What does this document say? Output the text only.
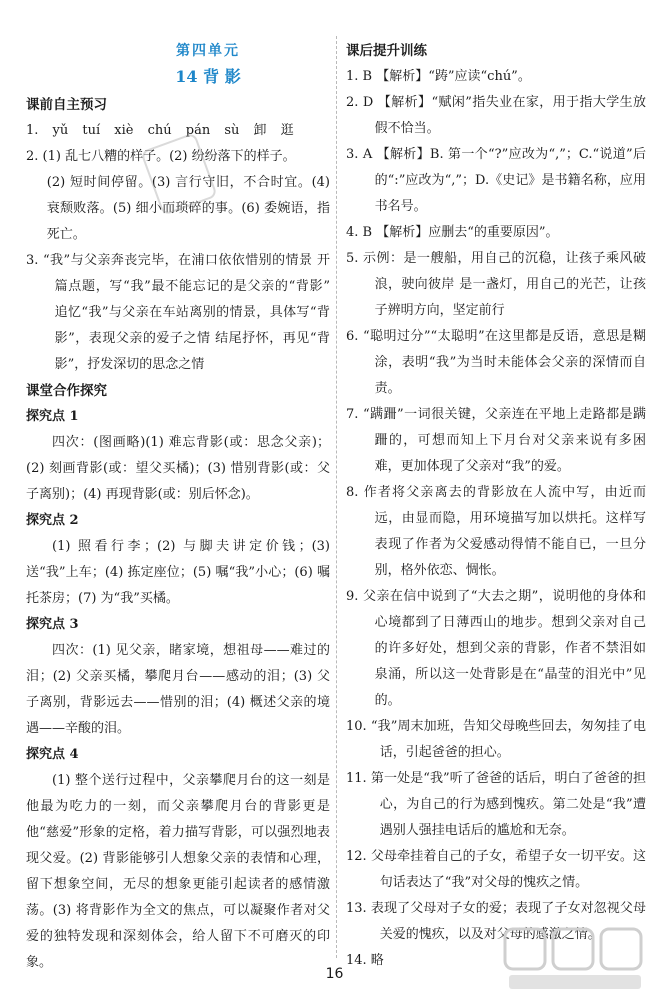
第四单元

14 背 影

课前自主预习

1. yǔ tuí xiè chú pán sù 卸 逛

2. (1) 乱七八糟的样子。(2) 纷纷落下的样子。

(2) 短时间停留。(3) 言行守旧，不合时宜。(4) 衰颓败落。(5) 细小而琐碎的事。(6) 委婉语，指死亡。

3. “我”与父亲奔丧完毕，在浦口依依惜别的情景 开篇点题，写“我”最不能忘记的是父亲的“背影” 追忆“我”与父亲在车站离别的情景，具体写“背影”，表现父亲的爱子之情 结尾抒怀，再见“背影”，抒发深切的思念之情

课堂合作探究

探究点 1

四次：(图画略)(1) 难忘背影(或：思念父亲)；(2) 刻画背影(或：望父买橘)；(3) 惜别背影(或：父子离别)；(4) 再现背影(或：别后怀念)。

探究点 2

(1) 照看行李；(2) 与脚夫讲定价钱；(3) 送“我”上车；(4) 拣定座位；(5) 嘱“我”小心；(6) 嘱托茶房；(7) 为“我”买橘。

探究点 3

四次：(1) 见父亲，睹家境，想祖母——难过的泪；(2) 父亲买橘，攀爬月台——感动的泪；(3) 父子离别，背影远去——惜别的泪；(4) 概述父亲的境遇——辛酸的泪。

探究点 4

(1) 整个送行过程中，父亲攀爬月台的这一刻是他最为吃力的一刻，而父亲攀爬月台的背影更是他“慈爱”形象的定格，着力描写背影，可以强烈地表现父爱。(2) 背影能够引人想象父亲的表情和心理，留下想象空间，无尽的想象更能引起读者的感情激荡。(3) 将背影作为全文的焦点，可以凝聚作者对父爱的独特发现和深刻体会，给人留下不可磨灭的印象。

课后提升训练

1. B 【解析】“踌”应读“chú”。

2. D 【解析】“赋闲”指失业在家，用于指大学生放假不恰当。

3. A 【解析】B. 第一个“?”应改为“,”；C.“说道”后的“:”应改为“,”；D.《史记》是书籍名称，应用书名号。

4. B 【解析】应删去“的重要原因”。

5. 示例：是一艘船，用自己的沉稳，让孩子乘风破浪，驶向彼岸 是一盏灯，用自己的光芒，让孩子辨明方向，坚定前行

6. “聪明过分”“太聪明”在这里都是反语，意思是糊涂，表明“我”为当时未能体会父亲的深情而自责。

7. “蹒跚”一词很关键，父亲连在平地上走路都是蹒跚的，可想而知上下月台对父亲来说有多困难，更加体现了父亲对“我”的爱。

8. 作者将父亲离去的背影放在人流中写，由近而远，由显而隐，用环境描写加以烘托。这样写表现了作者为父爱感动得情不能自已，一旦分别，格外依恋、惆怅。

9. 父亲在信中说到了“大去之期”，说明他的身体和心境都到了日薄西山的地步。想到父亲对自己的许多好处，想到父亲的背影，作者不禁泪如泉涌，所以这一处背影是在“晶莹的泪光中”见的。

10. “我”周末加班，告知父母晚些回去，匆匆挂了电话，引起爸爸的担心。

11. 第一处是“我”听了爸爸的话后，明白了爸爸的担心，为自己的行为感到愧疚。第二处是“我”遭遇别人强挂电话后的尴尬和无奈。

12. 父母牵挂着自己的子女，希望子女一切平安。这句话表达了“我”对父母的愧疚之情。

13. 表现了父母对子女的爱；表现了子女对忽视父母关爱的愧疚，以及对父母的感激之情。

14. 略

16
